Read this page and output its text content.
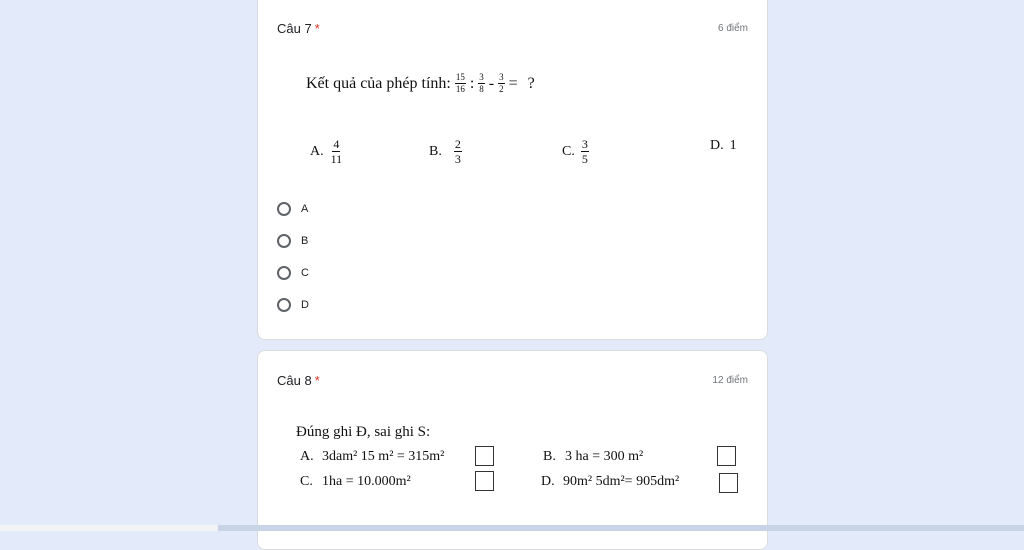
Câu 7 *	6 điểm
Kết quả của phép tính: $\frac{15}{16}$ : $\frac{3}{8} - \frac{3}{2}$ = ?
A. $\frac{4}{11}$	B. $\frac{2}{3}$	C. $\frac{3}{5}$	D. 1
A
B
C
D
Câu 8 *	12 điểm
Đúng ghi Đ, sai ghi S:
A. 3dam² 15 m² = 315m²	B. 3 ha = 300 m²
C. 1ha = 10.000m²	D. 90m² 5dm²= 905dm²
